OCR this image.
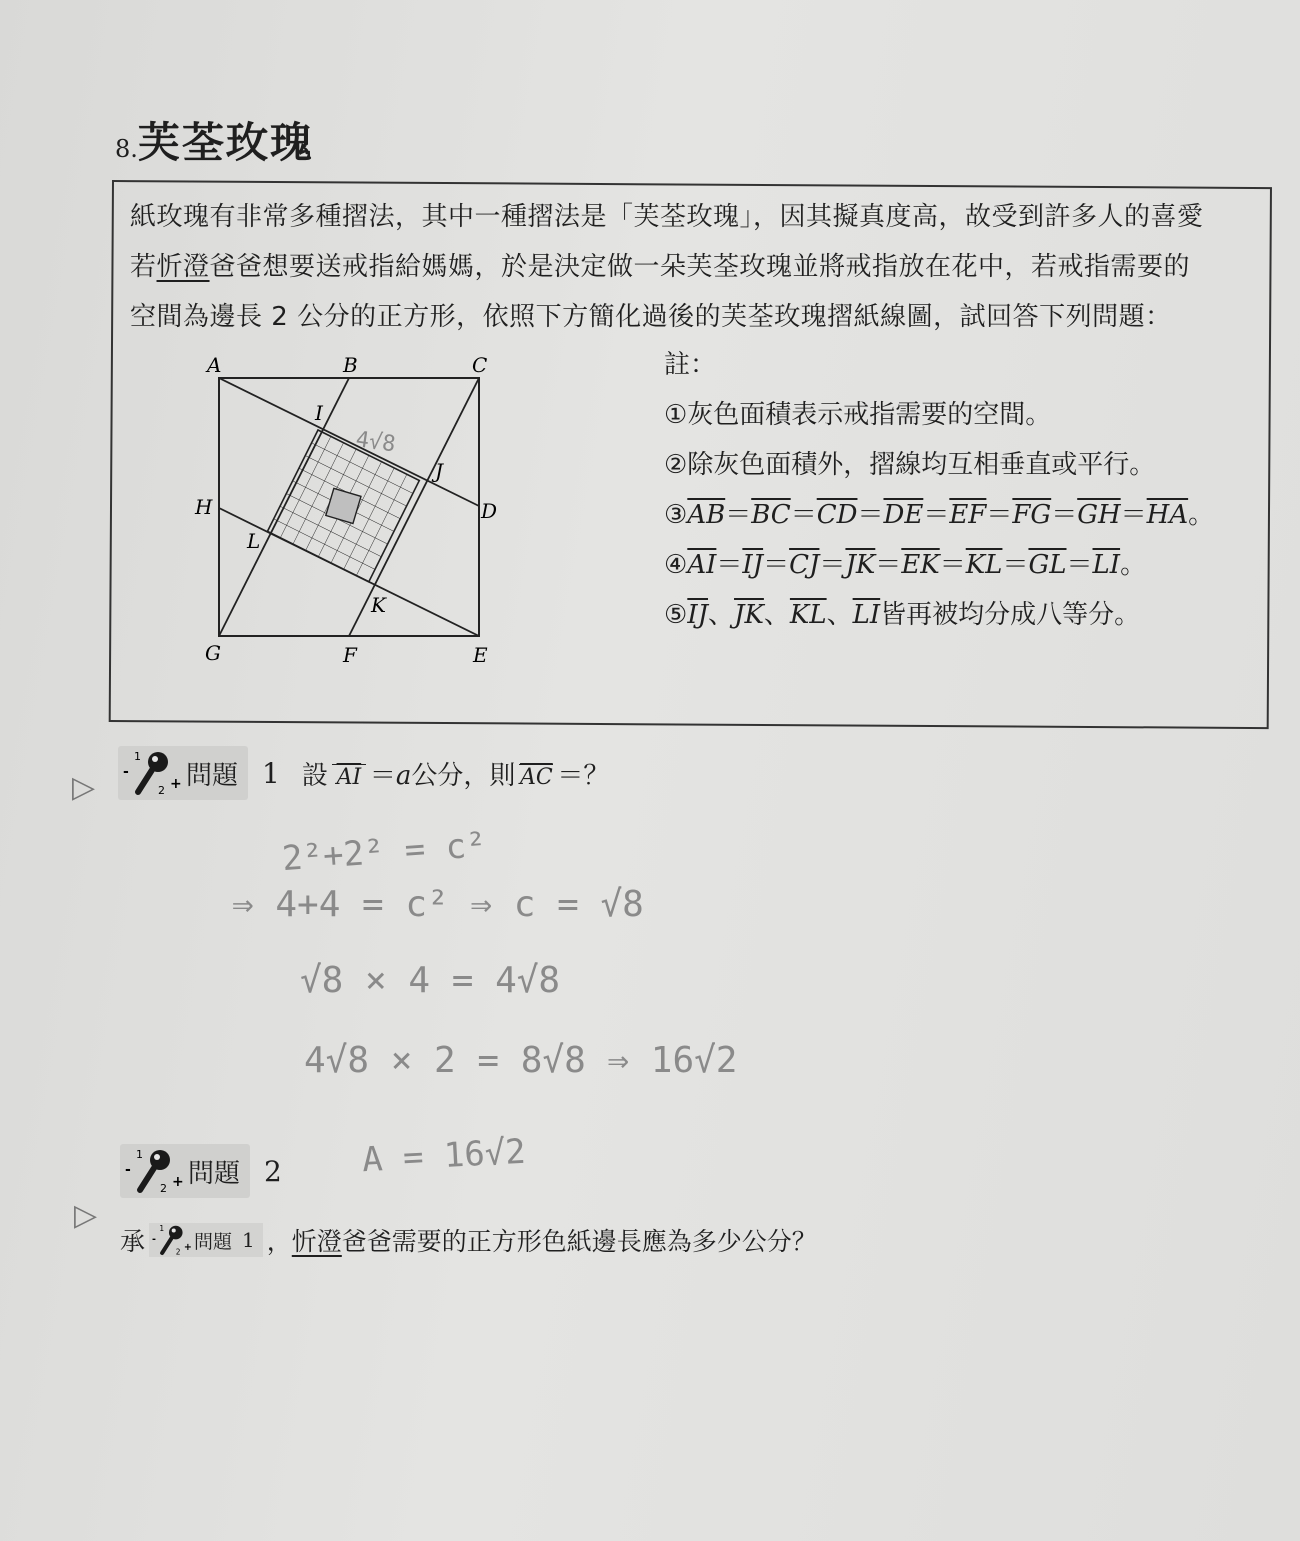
8.芙荃玫瑰
紙玫瑰有非常多種摺法，其中一種摺法是「芙荃玫瑰」，因其擬真度高，故受到許多人的喜愛
若忻澄爸爸想要送戒指給媽媽，於是決定做一朵芙荃玫瑰並將戒指放在花中，若戒指需要的
空間為邊長 2 公分的正方形，依照下方簡化過後的芙荃玫瑰摺紙線圖，試回答下列問題：
A	B	C
D
E
F
G
H
I
J
K
L
4√8
註：
①灰色面積表示戒指需要的空間。
②除灰色面積外，摺線均互相垂直或平行。
$③\overline{AB}=\overline{BC}=\overline{CD}=\overline{DE}=\overline{EF}=\overline{FG}=\overline{GH}=\overline{HA}$。
$④\overline{AI}=\overline{IJ}=\overline{CJ}=\overline{JK}=\overline{EK}=\overline{KL}=\overline{GL}=\overline{LI}$。
$⑤\overline{IJ}$、$\overline{JK}$、$\overline{KL}$、$\overline{LI}$皆再被均分成八等分。
▷
▷
1
-
2 + 問題 1 設 $\overline{AI} =a$公分，則 $\overline{AC}$ ＝？
2²+2² = c²
⇒ 4+4 = c² ⇒ c = √8
√8 × 4 = 4√8
4√8 × 2 = 8√8 ⇒ 16√2
A = 16√2
1
-
2 + 問題 2
承 1
-
2 + 問題 1 ， 忻澄 爸爸需要的正方形色紙邊長應為多少公分？
